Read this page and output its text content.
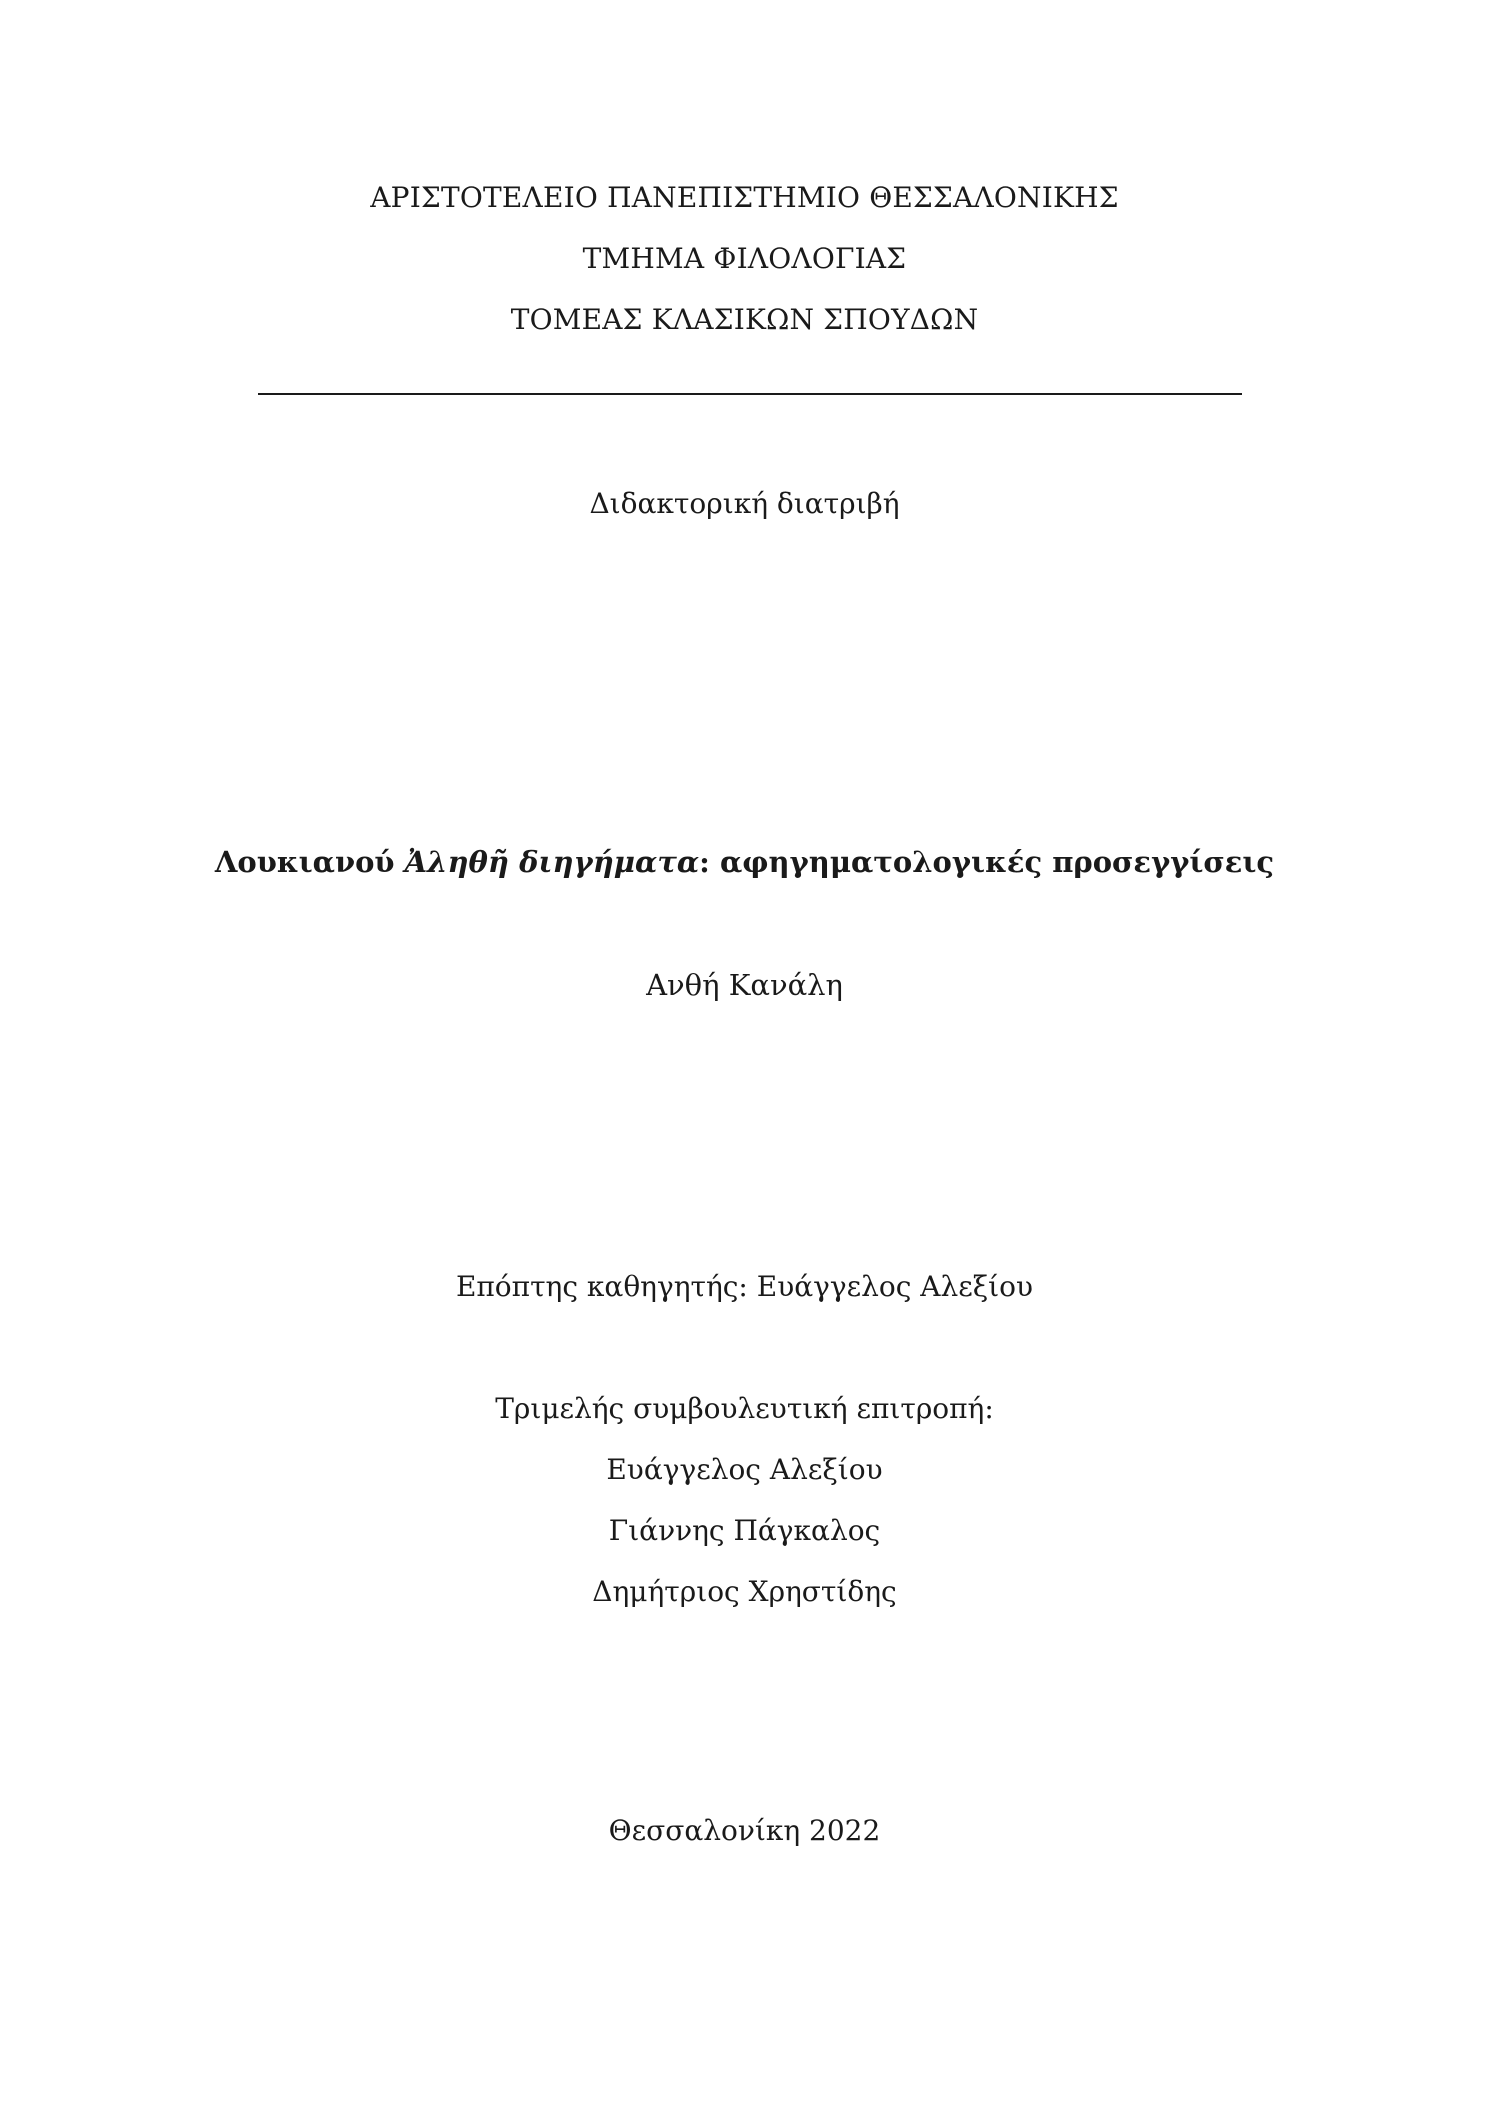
ΑΡΙΣΤΟΤΕΛΕΙΟ ΠΑΝΕΠΙΣΤΗΜΙΟ ΘΕΣΣΑΛΟΝΙΚΗΣ
ΤΜΗΜΑ ΦΙΛΟΛΟΓΙΑΣ
ΤΟΜΕΑΣ ΚΛΑΣΙΚΩΝ ΣΠΟΥΔΩΝ
Διδακτορική διατριβή
Λουκιανού Ἀληθῆ διηγήματα: αφηγηματολογικές προσεγγίσεις
Ανθή Κανάλη
Επόπτης καθηγητής: Ευάγγελος Αλεξίου
Τριμελής συμβουλευτική επιτροπή:
Ευάγγελος Αλεξίου
Γιάννης Πάγκαλος
Δημήτριος Χρηστίδης
Θεσσαλονίκη 2022
